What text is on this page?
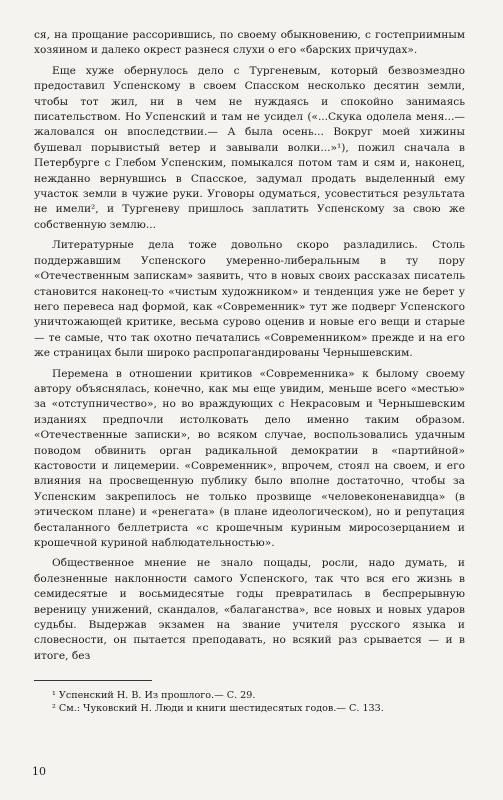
ся, на прощание рассорившись, по своему обыкновению, с гостеприимным хозяином и далеко окрест разнеся слухи о его «барских причудах».

Еще хуже обернулось дело с Тургеневым, который безвозмездно предоставил Успенскому в своем Спасском несколько десятин земли, чтобы тот жил, ни в чем не нуждаясь и спокойно занимаясь писательством. Но Успенский и там не усидел («...Скука одолела меня...— жаловался он впоследствии.— А была осень... Вокруг моей хижины бушевал порывистый ветер и завывали волки...»¹), пожил сначала в Петербурге с Глебом Успенским, помыкался потом там и сям и, наконец, нежданно вернувшись в Спасское, задумал продать выделенный ему участок земли в чужие руки. Уговоры одуматься, усовеститься результата не имели², и Тургеневу пришлось заплатить Успенскому за свою же собственную землю...

Литературные дела тоже довольно скоро разладились. Столь поддержавшим Успенского умеренно-либеральным в ту пору «Отечественным запискам» заявить, что в новых своих рассказах писатель становится наконец-то «чистым художником» и тенденция уже не берет у него перевеса над формой, как «Современник» тут же подверг Успенского уничтожающей критике, весьма сурово оценив и новые его вещи и старые — те самые, что так охотно печатались «Современником» прежде и на его же страницах были широко распропагандированы Чернышевским.

Перемена в отношении критиков «Современника» к былому своему автору объяснялась, конечно, как мы еще увидим, меньше всего «местью» за «отступничество», но во враждующих с Некрасовым и Чернышевским изданиях предпочли истолковать дело именно таким образом. «Отечественные записки», во всяком случае, воспользовались удачным поводом обвинить орган радикальной демократии в «партийной» кастовости и лицемерии. «Современник», впрочем, стоял на своем, и его влияния на просвещенную публику было вполне достаточно, чтобы за Успенским закрепилось не только прозвище «человеконенавидца» (в этическом плане) и «ренегата» (в плане идеологическом), но и репутация бесталанного беллетриста «с крошечным куриным миросозерцанием и крошечной куриной наблюдательностью».

Общественное мнение не знало пощады, росли, надо думать, и болезненные наклонности самого Успенского, так что вся его жизнь в семидесятые и восьмидесятые годы превратилась в беспрерывную вереницу унижений, скандалов, «балаганства», все новых и новых ударов судьбы. Выдержав экзамен на звание учителя русского языка и словесности, он пытается преподавать, но всякий раз срывается — и в итоге, без

¹ Успенский Н. В. Из прошлого.— С. 29.

² См.: Чуковский Н. Люди и книги шестидесятых годов.— С. 133.

10
